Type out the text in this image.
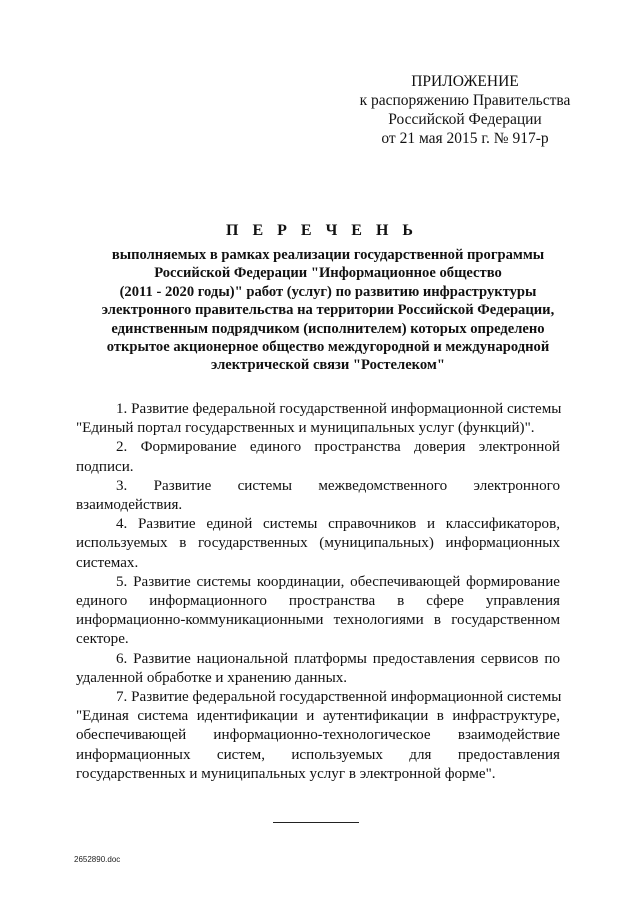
ПРИЛОЖЕНИЕ
к распоряжению Правительства
Российской Федерации
от 21 мая 2015 г. № 917-р
П Е Р Е Ч Е Н Ь
выполняемых в рамках реализации государственной программы
Российской Федерации "Информационное общество
(2011 - 2020 годы)" работ (услуг) по развитию инфраструктуры
электронного правительства на территории Российской Федерации,
единственным подрядчиком (исполнителем) которых определено
открытое акционерное общество междугородной и международной
электрической связи "Ростелеком"
1. Развитие федеральной государственной информационной системы
"Единый портал государственных и муниципальных услуг (функций)".
2. Формирование единого пространства доверия электронной
подписи.
3. Развитие системы межведомственного электронного
взаимодействия.
4. Развитие единой системы справочников и классификаторов,
используемых в государственных (муниципальных) информационных
системах.
5. Развитие системы координации, обеспечивающей формирование
единого информационного пространства в сфере управления
информационно-коммуникационными технологиями в государственном
секторе.
6. Развитие национальной платформы предоставления сервисов по
удаленной обработке и хранению данных.
7. Развитие федеральной государственной информационной системы
"Единая система идентификации и аутентификации в инфраструктуре,
обеспечивающей информационно-технологическое взаимодействие
информационных систем, используемых для предоставления
государственных и муниципальных услуг в электронной форме".
2652890.doc
